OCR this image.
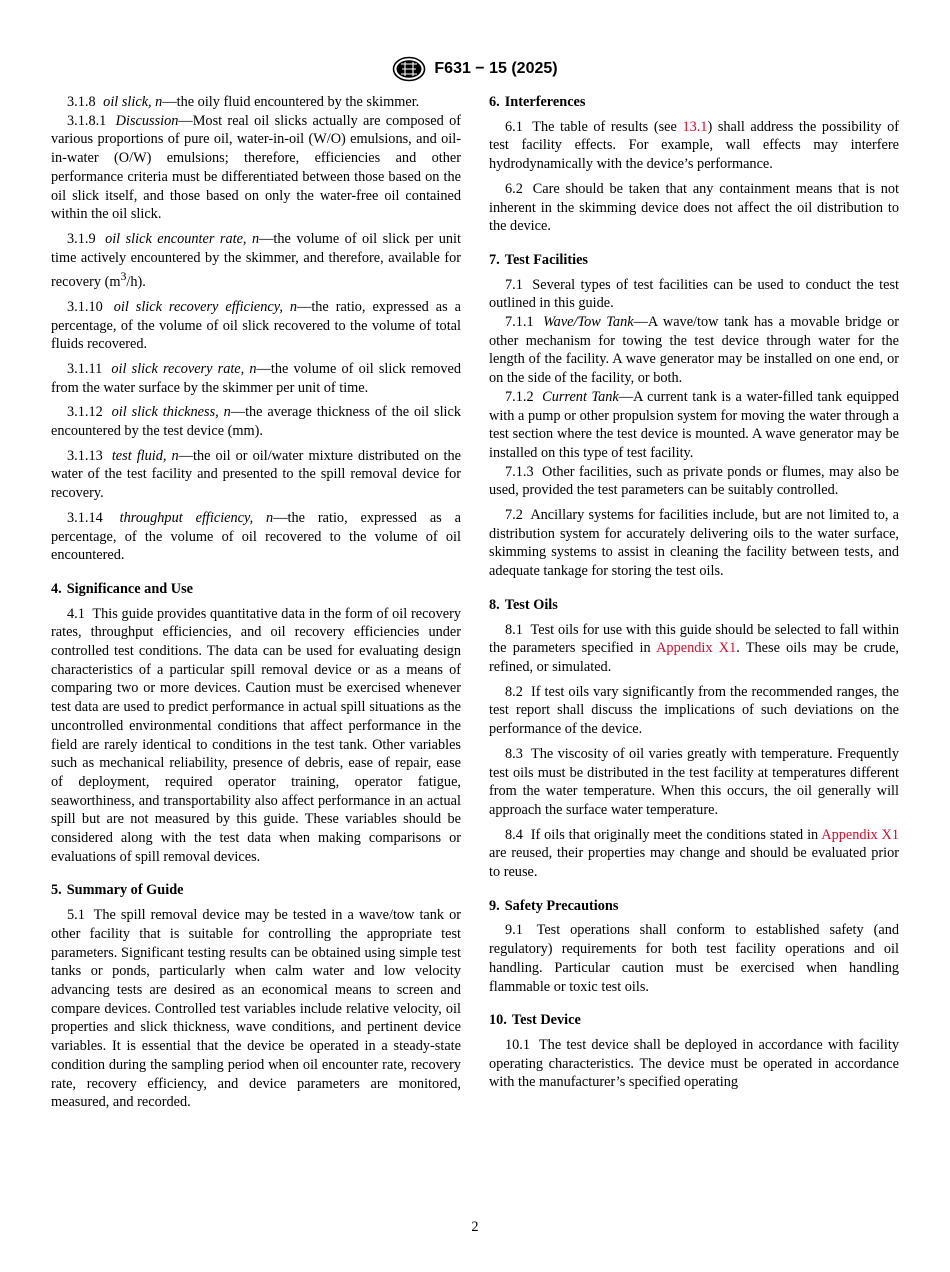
F631 − 15 (2025)

3.1.8 oil slick, n—the oily fluid encountered by the skimmer.

3.1.8.1 Discussion—Most real oil slicks actually are composed of various proportions of pure oil, water-in-oil (W/O) emulsions, and oil-in-water (O/W) emulsions; therefore, efficiencies and other performance criteria must be differentiated between those based on the oil slick itself, and those based on only the water-free oil contained within the oil slick.

3.1.9 oil slick encounter rate, n—the volume of oil slick per unit time actively encountered by the skimmer, and therefore, available for recovery $(m^3/h)$.

3.1.10 oil slick recovery efficiency, n—the ratio, expressed as a percentage, of the volume of oil slick recovered to the volume of total fluids recovered.

3.1.11 oil slick recovery rate, n—the volume of oil slick removed from the water surface by the skimmer per unit of time.

3.1.12 oil slick thickness, n—the average thickness of the oil slick encountered by the test device (mm).

3.1.13 test fluid, n—the oil or oil/water mixture distributed on the water of the test facility and presented to the spill removal device for recovery.

3.1.14 throughput efficiency, n—the ratio, expressed as a percentage, of the volume of oil recovered to the volume of oil encountered.

4. Significance and Use

4.1 This guide provides quantitative data in the form of oil recovery rates, throughput efficiencies, and oil recovery efficiencies under controlled test conditions. The data can be used for evaluating design characteristics of a particular spill removal device or as a means of comparing two or more devices. Caution must be exercised whenever test data are used to predict performance in actual spill situations as the uncontrolled environmental conditions that affect performance in the field are rarely identical to conditions in the test tank. Other variables such as mechanical reliability, presence of debris, ease of repair, ease of deployment, required operator training, operator fatigue, seaworthiness, and transportability also affect performance in an actual spill but are not measured by this guide. These variables should be considered along with the test data when making comparisons or evaluations of spill removal devices.

5. Summary of Guide

5.1 The spill removal device may be tested in a wave/tow tank or other facility that is suitable for controlling the appropriate test parameters. Significant testing results can be obtained using simple test tanks or ponds, particularly when calm water and low velocity advancing tests are desired as an economical means to screen and compare devices. Controlled test variables include relative velocity, oil properties and slick thickness, wave conditions, and pertinent device variables. It is essential that the device be operated in a steady-state condition during the sampling period when oil encounter rate, recovery rate, recovery efficiency, and device parameters are monitored, measured, and recorded.

6. Interferences

6.1 The table of results (see 13.1) shall address the possibility of test facility effects. For example, wall effects may interfere hydrodynamically with the device’s performance.

6.2 Care should be taken that any containment means that is not inherent in the skimming device does not affect the oil distribution to the device.

7. Test Facilities

7.1 Several types of test facilities can be used to conduct the test outlined in this guide.

7.1.1 Wave/Tow Tank—A wave/tow tank has a movable bridge or other mechanism for towing the test device through water for the length of the facility. A wave generator may be installed on one end, or on the side of the facility, or both.

7.1.2 Current Tank—A current tank is a water-filled tank equipped with a pump or other propulsion system for moving the water through a test section where the test device is mounted. A wave generator may be installed on this type of test facility.

7.1.3 Other facilities, such as private ponds or flumes, may also be used, provided the test parameters can be suitably controlled.

7.2 Ancillary systems for facilities include, but are not limited to, a distribution system for accurately delivering oils to the water surface, skimming systems to assist in cleaning the facility between tests, and adequate tankage for storing the test oils.

8. Test Oils

8.1 Test oils for use with this guide should be selected to fall within the parameters specified in Appendix X1. These oils may be crude, refined, or simulated.

8.2 If test oils vary significantly from the recommended ranges, the test report shall discuss the implications of such deviations on the performance of the device.

8.3 The viscosity of oil varies greatly with temperature. Frequently test oils must be distributed in the test facility at temperatures different from the water temperature. When this occurs, the oil generally will approach the surface water temperature.

8.4 If oils that originally meet the conditions stated in Appendix X1 are reused, their properties may change and should be evaluated prior to reuse.

9. Safety Precautions

9.1 Test operations shall conform to established safety (and regulatory) requirements for both test facility operations and oil handling. Particular caution must be exercised when handling flammable or toxic test oils.

10. Test Device

10.1 The test device shall be deployed in accordance with facility operating characteristics. The device must be operated in accordance with the manufacturer’s specified operating

2
